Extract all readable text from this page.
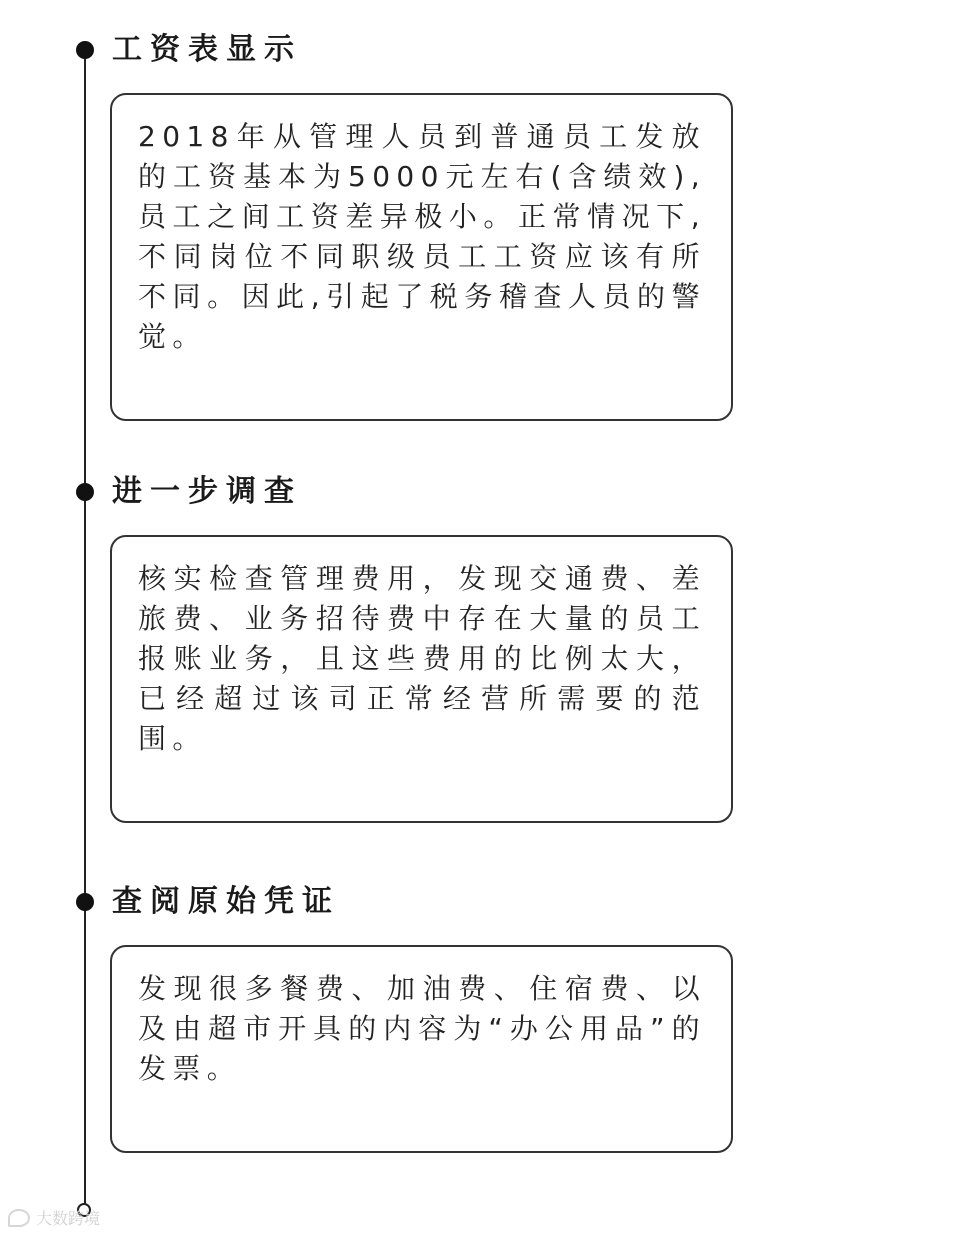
工资表显示

2018年从管理人员到普通员工发放的工资基本为5000元左右(含绩效), 员工之间工资差异极小。正常情况下,不同岗位不同职级员工工资应该有所不同。因此,引起了税务稽查人员的警觉。

进一步调查

核实检查管理费用，发现交通费、差旅费、业务招待费中存在大量的员工报账业务，且这些费用的比例太大，已经超过该司正常经营所需要的范围。

查阅原始凭证

发现很多餐费、加油费、住宿费、以及由超市开具的内容为“办公用品”的发票。

大数跨境
